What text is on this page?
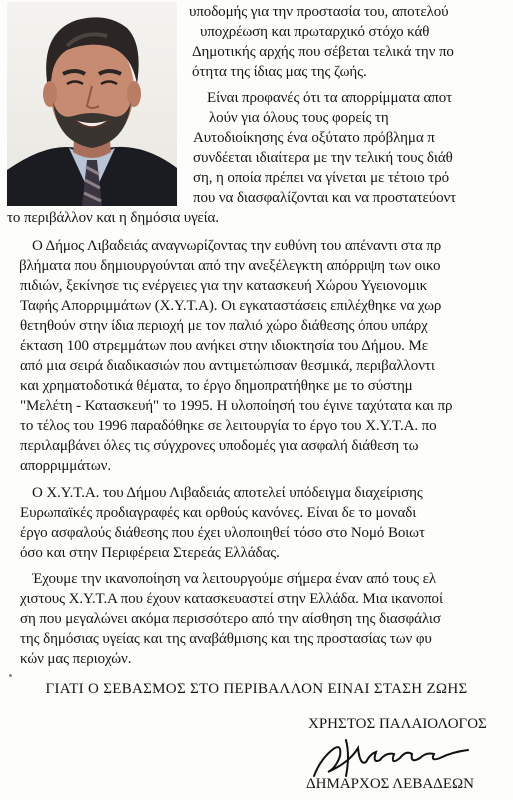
υποδομής για την προστασία του, αποτελού
υποχρέωση και πρωταρχικό στόχο κάθ
Δημοτικής αρχής που σέβεται τελικά την πο
ότητα της ίδιας μας της ζωής.
Είναι προφανές ότι τα απορρίμματα αποτ
λούν για όλους τους φορείς τη
Αυτοδιοίκησης ένα οξύτατο πρόβλημα π
συνδέεται ιδιαίτερα με την τελική τους διάθ
ση, η οποία πρέπει να γίνεται με τέτοιο τρό
που να διασφαλίζονται και να προστατεύοντ
το περιβάλλον και η δημόσια υγεία.
Ο Δήμος Λιβαδειάς αναγνωρίζοντας την ευθύνη του απέναντι στα πρ
βλήματα που δημιουργούνται από την ανεξέλεγκτη απόρριψη των οικο
πιδιών, ξεκίνησε τις ενέργειες για την κατασκευή Χώρου Υγειονομικ
Ταφής Απορριμμάτων (Χ.Υ.Τ.Α). Οι εγκαταστάσεις επιλέχθηκε να χωρ
θετηθούν στην ίδια περιοχή με τον παλιό χώρο διάθεσης όπου υπάρχ
έκταση 100 στρεμμάτων που ανήκει στην ιδιοκτησία του Δήμου. Με
από μια σειρά διαδικασιών που αντιμετώπισαν θεσμικά, περιβαλλοντι
και χρηματοδοτικά θέματα, το έργο δημοπρατήθηκε με το σύστημ
"Μελέτη - Κατασκευή" το 1995. Η υλοποίησή του έγινε ταχύτατα και πρ
το τέλος του 1996 παραδόθηκε σε λειτουργία το έργο του Χ.Υ.Τ.Α. πο
περιλαμβάνει όλες τις σύγχρονες υποδομές για ασφαλή διάθεση τω
απορριμμάτων.
Ο Χ.Υ.Τ.Α. του Δήμου Λιβαδειάς αποτελεί υπόδειγμα διαχείρισης
Ευρωπαϊκές προδιαγραφές και ορθούς κανόνες. Είναι δε το μοναδι
έργο ασφαλούς διάθεσης που έχει υλοποιηθεί τόσο στο Νομό Βοιωτ
όσο και στην Περιφέρεια Στερεάς Ελλάδας.
Έχουμε την ικανοποίηση να λειτουργούμε σήμερα έναν από τους ελ
χιστους Χ.Υ.Τ.Α που έχουν κατασκευαστεί στην Ελλάδα. Μια ικανοποί
ση που μεγαλώνει ακόμα περισσότερο από την αίσθηση της διασφάλισ
της δημόσιας υγείας και της αναβάθμισης και της προστασίας των φυ
κών μας περιοχών.
ΓΙΑΤΙ Ο ΣΕΒΑΣΜΟΣ ΣΤΟ ΠΕΡΙΒΑΛΛΟΝ ΕΙΝΑΙ ΣΤΑΣΗ ΖΩΗΣ
ΧΡΗΣΤΟΣ ΠΑΛΑΙΟΛΟΓΟΣ
ΔΗΜΑΡΧΟΣ ΛΕΒΑΔΕΩΝ
